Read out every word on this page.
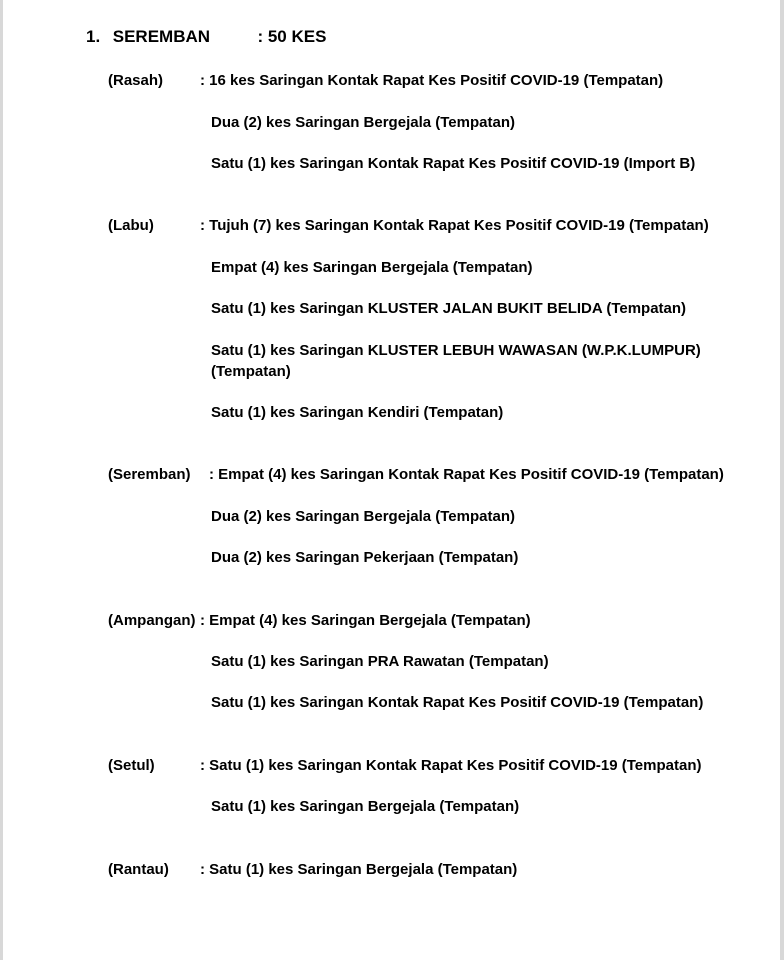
1. SEREMBAN	: 50 KES
(Rasah) : 16 kes Saringan Kontak Rapat Kes Positif COVID-19 (Tempatan)
Dua (2) kes Saringan Bergejala (Tempatan)
Satu (1) kes Saringan Kontak Rapat Kes Positif COVID-19 (Import B)
(Labu)	: Tujuh (7) kes Saringan Kontak Rapat Kes Positif COVID-19 (Tempatan)
Empat (4) kes Saringan Bergejala (Tempatan)
Satu (1) kes Saringan KLUSTER JALAN BUKIT BELIDA (Tempatan)
Satu (1) kes Saringan KLUSTER LEBUH WAWASAN (W.P.K.LUMPUR)
(Tempatan)
Satu (1) kes Saringan Kendiri (Tempatan)
(Seremban) : Empat (4) kes Saringan Kontak Rapat Kes Positif COVID-19 (Tempatan)
Dua (2) kes Saringan Bergejala (Tempatan)
Dua (2) kes Saringan Pekerjaan (Tempatan)
(Ampangan) : Empat (4) kes Saringan Bergejala (Tempatan)
Satu (1) kes Saringan PRA Rawatan (Tempatan)
Satu (1) kes Saringan Kontak Rapat Kes Positif COVID-19 (Tempatan)
(Setul)	: Satu (1) kes Saringan Kontak Rapat Kes Positif COVID-19 (Tempatan)
Satu (1) kes Saringan Bergejala (Tempatan)
(Rantau) : Satu (1) kes Saringan Bergejala (Tempatan)
